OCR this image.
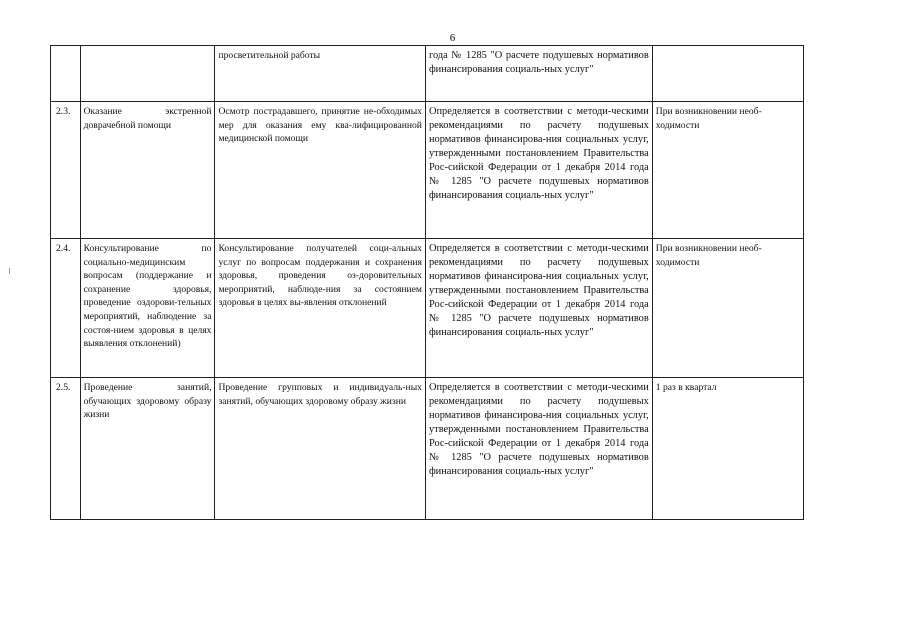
6
		просветительной работы	года № 1285 "О расчете подушевых нормативов финансирования социаль-ных услуг"	
2.3.	Оказание экстренной доврачебной помощи	Осмотр пострадавшего, принятие не-обходимых мер для оказания ему ква-лифицированной медицинской помощи	Определяется в соответствии с методи-ческими рекомендациями по расчету подушевых нормативов финансирова-ния социальных услуг, утвержденными постановлением Правительства Рос-сийской Федерации от 1 декабря 2014 года № 1285 "О расчете подушевых нормативов финансирования социаль-ных услуг"	При возникновении необ-ходимости
2.4.	Консультирование по социально-медицинским вопросам (поддержание и сохранение здоровья, проведение оздорови-тельных мероприятий, наблюдение за состоя-нием здоровья в целях выявления отклонений)	Консультирование получателей соци-альных услуг по вопросам поддержания и сохранения здоровья, проведения оз-доровительных мероприятий, наблюде-ния за состоянием здоровья в целях вы-явления отклонений	Определяется в соответствии с методи-ческими рекомендациями по расчету подушевых нормативов финансирова-ния социальных услуг, утвержденными постановлением Правительства Рос-сийской Федерации от 1 декабря 2014 года № 1285 "О расчете подушевых нормативов финансирования социаль-ных услуг"	При возникновении необ-ходимости
2.5.	Проведение занятий, обучающих здоровому образу жизни	Проведение групповых и индивидуаль-ных занятий, обучающих здоровому образу жизни	Определяется в соответствии с методи-ческими рекомендациями по расчету подушевых нормативов финансирова-ния социальных услуг, утвержденными постановлением Правительства Рос-сийской Федерации от 1 декабря 2014 года № 1285 "О расчете подушевых нормативов финансирования социаль-ных услуг"	1 раз в квартал
